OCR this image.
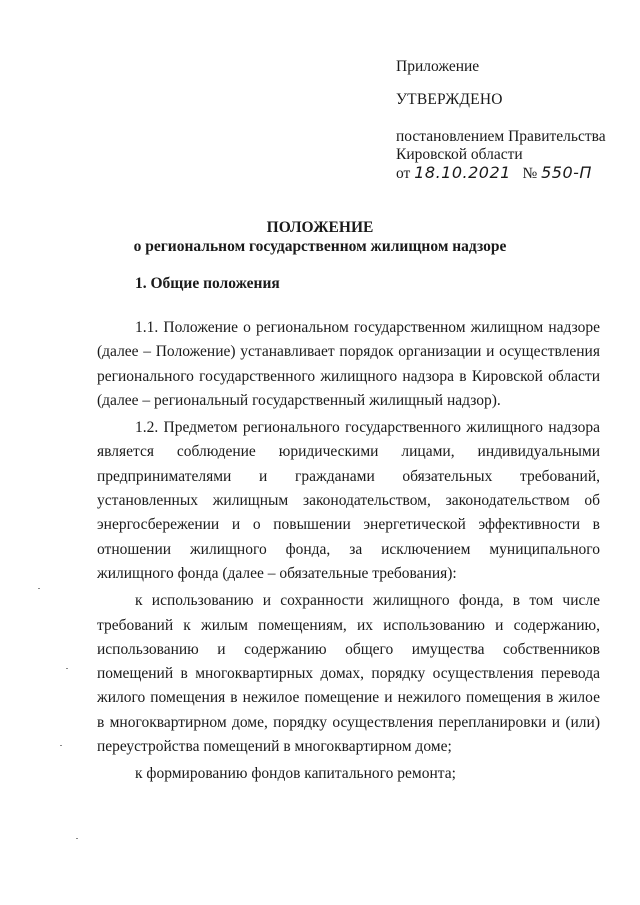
Приложение

УТВЕРЖДЕНО

постановлением Правительства

Кировской области

от 18.10.2021 № 550-П

ПОЛОЖЕНИЕ
о региональном государственном жилищном надзоре
1. Общие положения

1.1. Положение о региональном государственном жилищном надзоре (далее – Положение) устанавливает порядок организации и осуществления регионального государственного жилищного надзора в Кировской области (далее – региональный государственный жилищный надзор).

1.2. Предметом регионального государственного жилищного надзора является соблюдение юридическими лицами, индивидуальными предпринимателями и гражданами обязательных требований, установленных жилищным законодательством, законодательством об энергосбережении и о повышении энергетической эффективности в отношении жилищного фонда, за исключением муниципального жилищного фонда (далее – обязательные требования):

к использованию и сохранности жилищного фонда, в том числе требований к жилым помещениям, их использованию и содержанию, использованию и содержанию общего имущества собственников помещений в многоквартирных домах, порядку осуществления перевода жилого помещения в нежилое помещение и нежилого помещения в жилое в многоквартирном доме, порядку осуществления перепланировки и (или) переустройства помещений в многоквартирном доме;

к формированию фондов капитального ремонта;
